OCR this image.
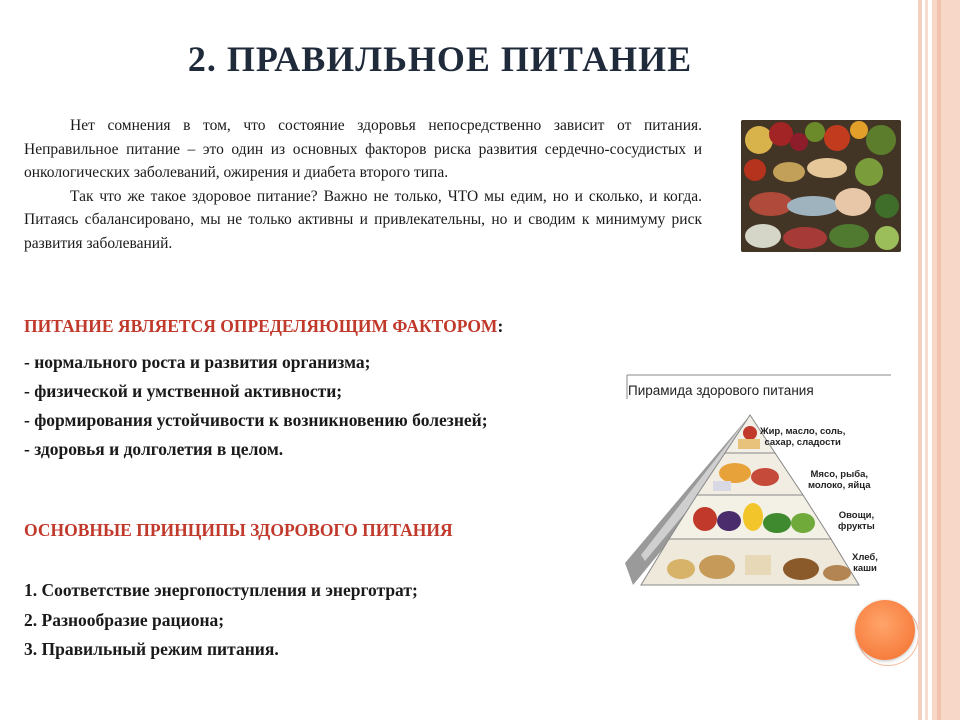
2. ПРАВИЛЬНОЕ ПИТАНИЕ

Нет сомнения в том, что состояние здоровья непосредственно зависит от питания. Неправильное питание – это один из основных факторов риска развития сердечно-сосудистых и онкологических заболеваний, ожирения и диабета второго типа.

Так что же такое здоровое питание? Важно не только, ЧТО мы едим, но и сколько, и когда. Питаясь сбалансировано, мы не только активны и привлекательны, но и сводим к минимуму риск развития заболеваний.

ПИТАНИЕ ЯВЛЯЕТСЯ ОПРЕДЕЛЯЮЩИМ ФАКТОРОМ:
- нормального роста и развития организма;
- физической и умственной активности;
- формирования устойчивости к возникновению болезней;
- здоровья и долголетия в целом.
ОСНОВНЫЕ ПРИНЦИПЫ ЗДОРОВОГО ПИТАНИЯ
1. Соответствие энергопоступления и энерготрат;
2. Разнообразие рациона;
3. Правильный режим питания.
Пирамида здорового питания
Жир, масло, соль,
сахар, сладости
Мясо, рыба,
молоко, яйца
Овощи,
фрукты
Хлеб,
каши
